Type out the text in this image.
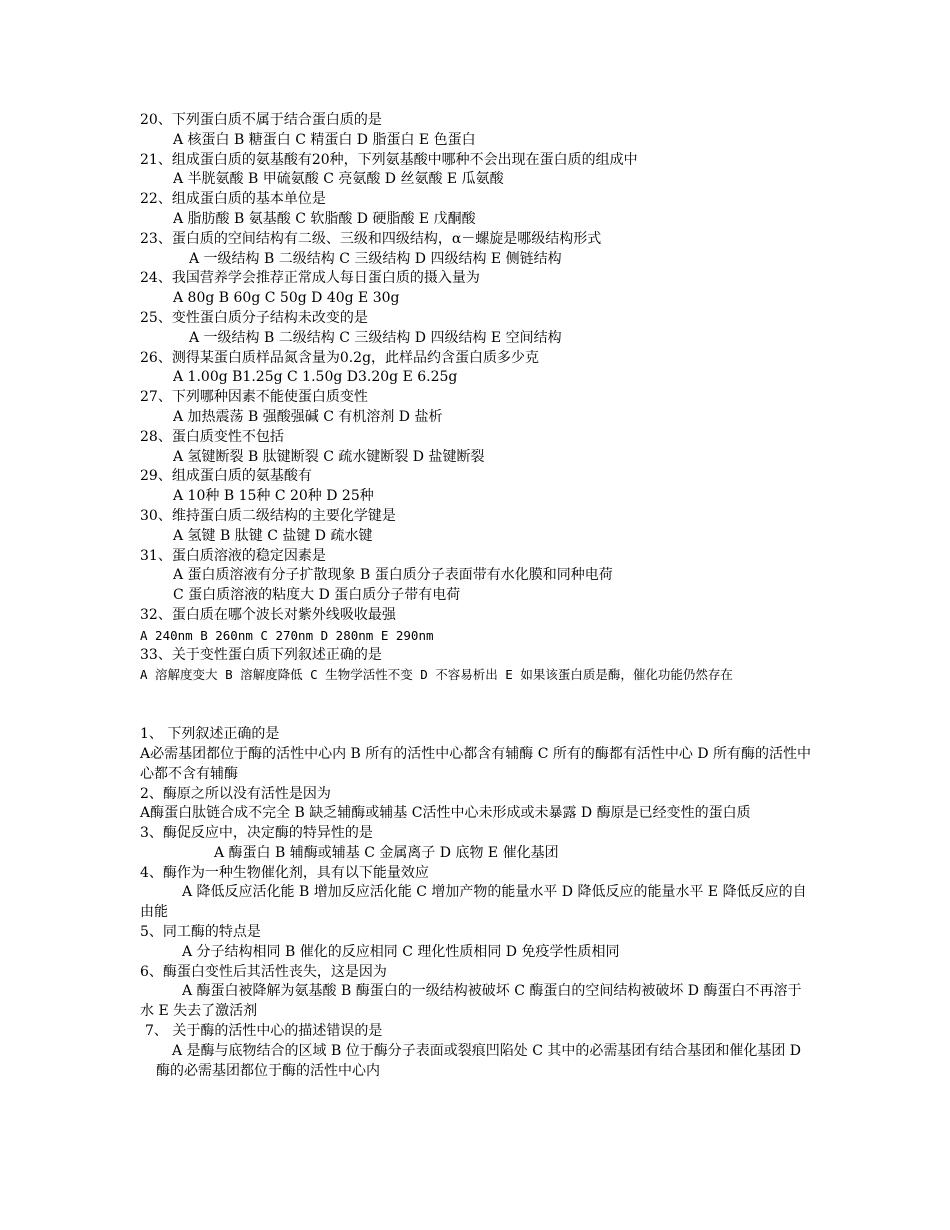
20、下列蛋白质不属于结合蛋白质的是
A 核蛋白 B 糖蛋白 C 精蛋白 D 脂蛋白 E 色蛋白
21、组成蛋白质的氨基酸有20种，下列氨基酸中哪种不会出现在蛋白质的组成中
A 半胱氨酸 B 甲硫氨酸 C 亮氨酸 D 丝氨酸 E 瓜氨酸
22、组成蛋白质的基本单位是
A 脂肪酸 B 氨基酸 C 软脂酸 D 硬脂酸 E 戊酮酸
23、蛋白质的空间结构有二级、三级和四级结构，α－螺旋是哪级结构形式
A 一级结构 B 二级结构 C 三级结构 D 四级结构 E 侧链结构
24、我国营养学会推荐正常成人每日蛋白质的摄入量为
A 80g B 60g C 50g D 40g E 30g
25、变性蛋白质分子结构未改变的是
A 一级结构 B 二级结构 C 三级结构 D 四级结构 E 空间结构
26、测得某蛋白质样品氮含量为0.2g，此样品约含蛋白质多少克
A 1.00g B1.25g C 1.50g D3.20g E 6.25g
27、下列哪种因素不能使蛋白质变性
A 加热震荡 B 强酸强碱 C 有机溶剂 D 盐析
28、蛋白质变性不包括
A 氢键断裂 B 肽键断裂 C 疏水键断裂 D 盐键断裂
29、组成蛋白质的氨基酸有
A 10种 B 15种 C 20种 D 25种
30、维持蛋白质二级结构的主要化学键是
A 氢键 B 肽键 C 盐键 D 疏水键
31、蛋白质溶液的稳定因素是
A 蛋白质溶液有分子扩散现象 B 蛋白质分子表面带有水化膜和同种电荷
C 蛋白质溶液的粘度大 D 蛋白质分子带有电荷
32、蛋白质在哪个波长对紫外线吸收最强
A 240nm B 260nm C 270nm D 280nm E 290nm
33、关于变性蛋白质下列叙述正确的是
A 溶解度变大 B 溶解度降低 C 生物学活性不变 D 不容易析出 E 如果该蛋白质是酶，催化功能仍然存在
1、 下列叙述正确的是
A必需基团都位于酶的活性中心内 B 所有的活性中心都含有辅酶 C 所有的酶都有活性中心 D 所有酶的活性中心都不含有辅酶
2、酶原之所以没有活性是因为
A酶蛋白肽链合成不完全 B 缺乏辅酶或辅基 C活性中心未形成或未暴露 D 酶原是已经变性的蛋白质
3、酶促反应中，决定酶的特异性的是
A 酶蛋白 B 辅酶或辅基 C 金属离子 D 底物 E 催化基团
4、酶作为一种生物催化剂，具有以下能量效应
A 降低反应活化能 B 增加反应活化能 C 增加产物的能量水平 D 降低反应的能量水平 E 降低反应的自由能
5、同工酶的特点是
A 分子结构相同 B 催化的反应相同 C 理化性质相同 D 免疫学性质相同
6、酶蛋白变性后其活性丧失，这是因为
A 酶蛋白被降解为氨基酸 B 酶蛋白的一级结构被破坏 C 酶蛋白的空间结构被破坏 D 酶蛋白不再溶于水 E 失去了激活剂
7、 关于酶的活性中心的描述错误的是
A 是酶与底物结合的区域 B 位于酶分子表面或裂痕凹陷处 C 其中的必需基团有结合基团和催化基团 D 酶的必需基团都位于酶的活性中心内
